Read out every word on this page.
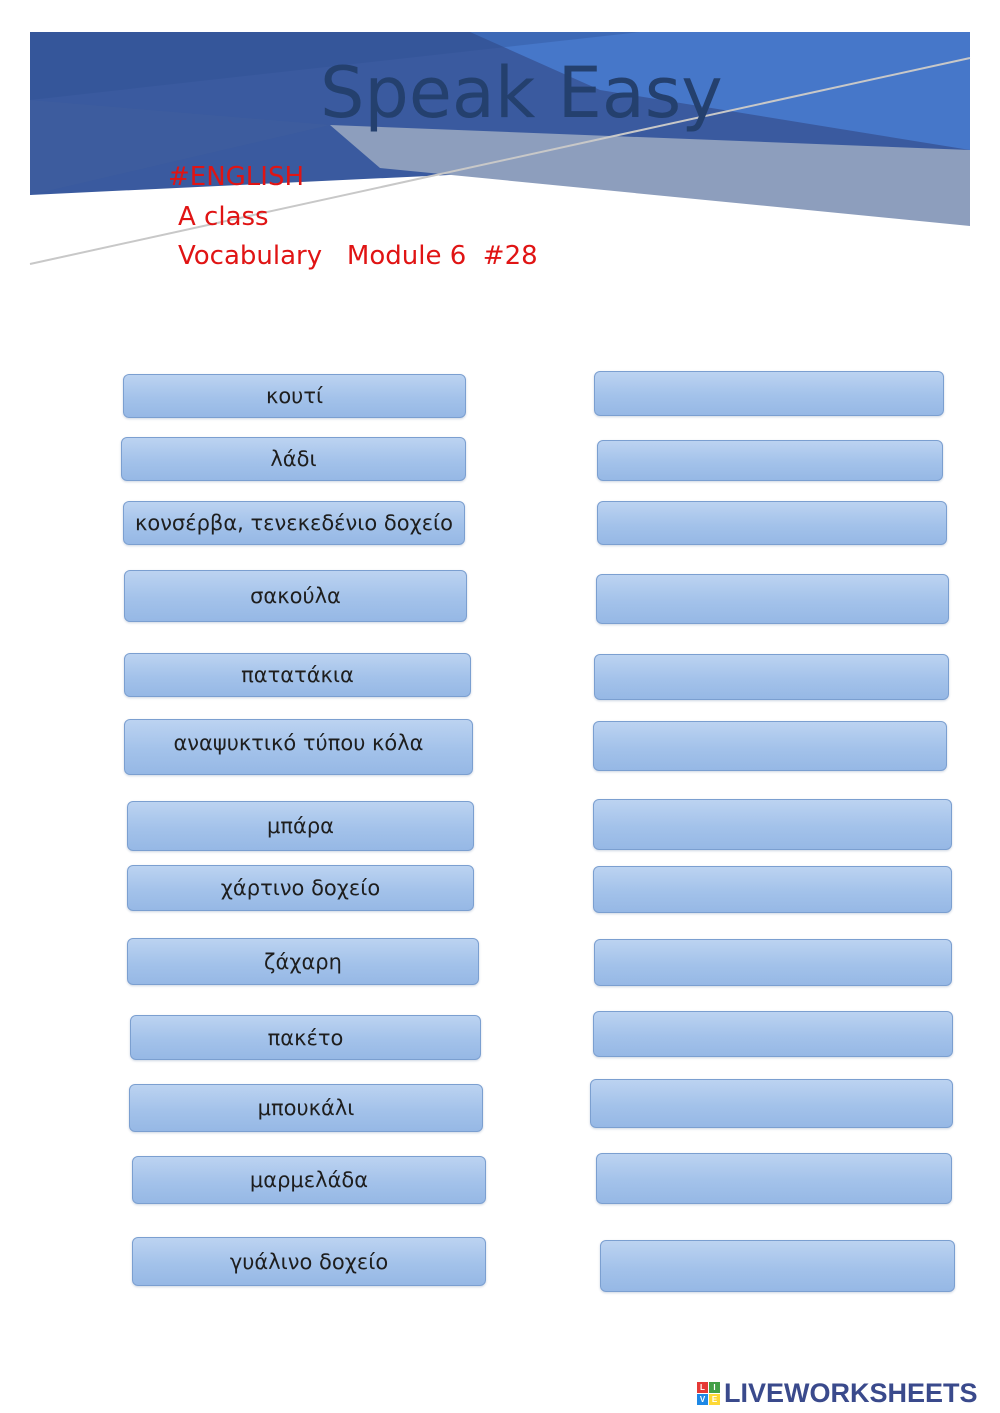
Speak Easy
#ENGLISH
A class
Vocabulary   Module 6  #28
κουτί
λάδι
κονσέρβα, τενεκεδένιο δοχείο
σακούλα
πατατάκια
αναψυκτικό τύπου κόλα
μπάρα
χάρτινο δοχείο
ζάχαρη
πακέτο
μπουκάλι
μαρμελάδα
γυάλινο δοχείο
L	I
V E LIVEWORKSHEETS
